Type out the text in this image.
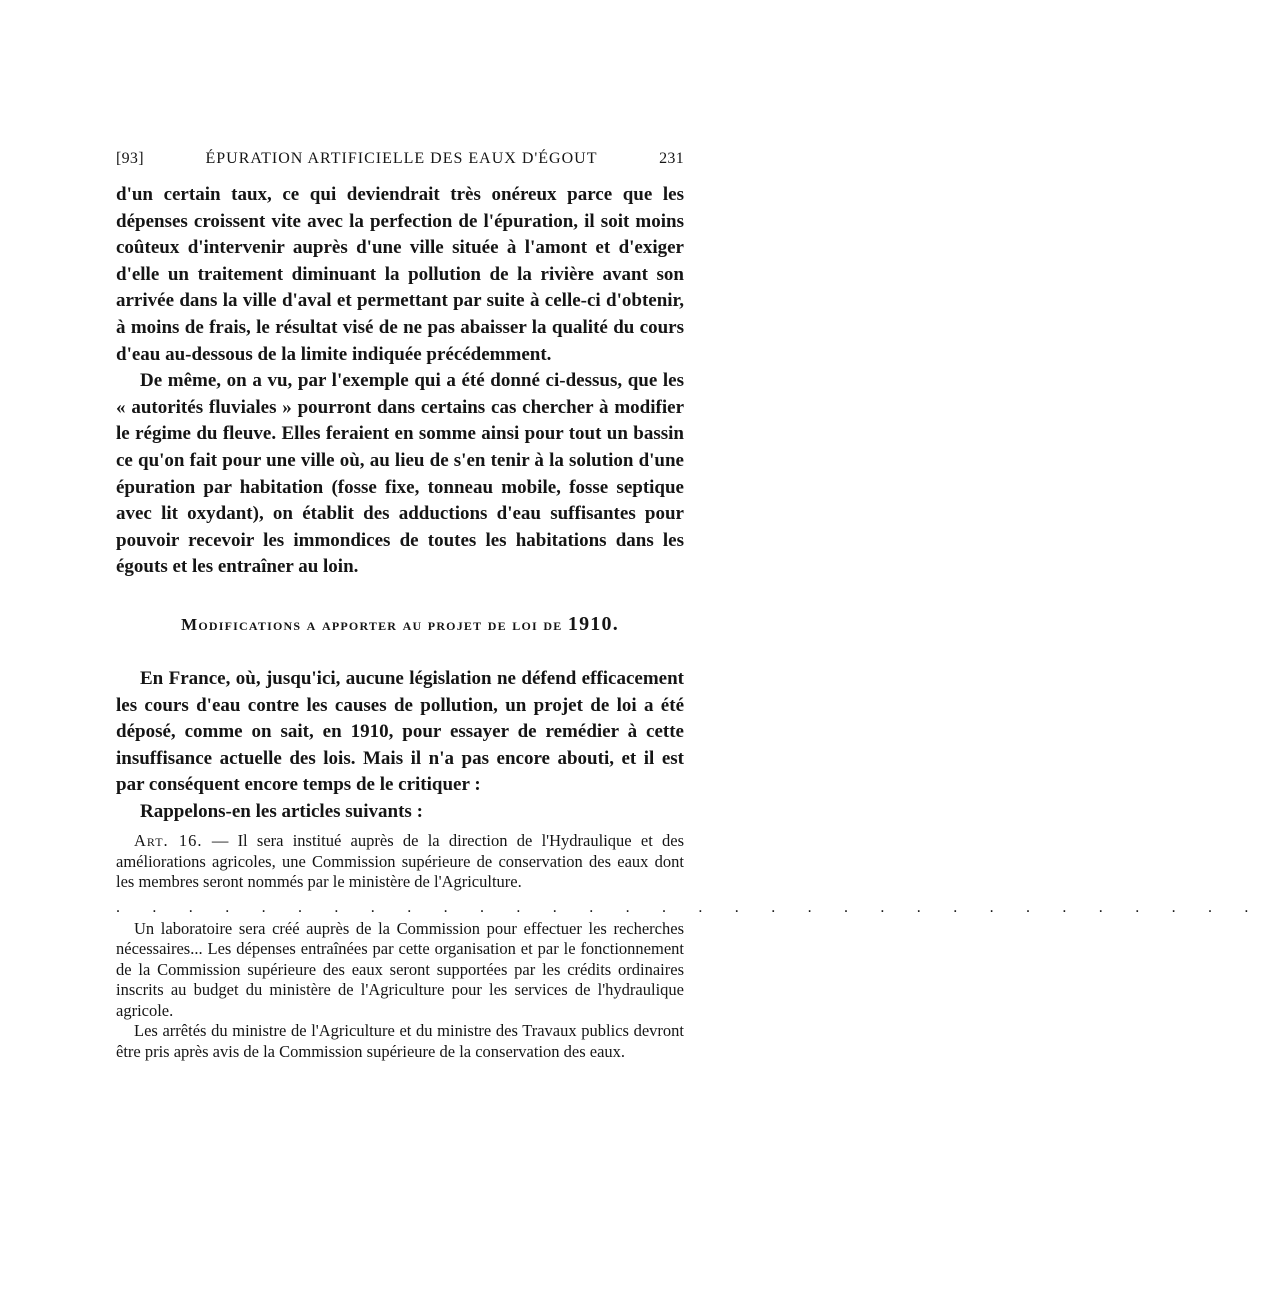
[93]	ÉPURATION ARTIFICIELLE DES EAUX D'ÉGOUT	231

d'un certain taux, ce qui deviendrait très onéreux parce que les dépenses croissent vite avec la perfection de l'épuration, il soit moins coûteux d'intervenir auprès d'une ville située à l'amont et d'exiger d'elle un traitement diminuant la pollution de la rivière avant son arrivée dans la ville d'aval et permettant par suite à celle-ci d'obtenir, à moins de frais, le résultat visé de ne pas abaisser la qualité du cours d'eau au-dessous de la limite indiquée précédemment.

De même, on a vu, par l'exemple qui a été donné ci-dessus, que les « autorités fluviales » pourront dans certains cas chercher à modifier le régime du fleuve. Elles feraient en somme ainsi pour tout un bassin ce qu'on fait pour une ville où, au lieu de s'en tenir à la solution d'une épuration par habitation (fosse fixe, tonneau mobile, fosse septique avec lit oxydant), on établit des adductions d'eau suffisantes pour pouvoir recevoir les immondices de toutes les habitations dans les égouts et les entraîner au loin.

Modifications a apporter au projet de loi de 1910.

En France, où, jusqu'ici, aucune législation ne défend efficacement les cours d'eau contre les causes de pollution, un projet de loi a été déposé, comme on sait, en 1910, pour essayer de remédier à cette insuffisance actuelle des lois. Mais il n'a pas encore abouti, et il est par conséquent encore temps de le critiquer :

Rappelons-en les articles suivants :

Art. 16. — Il sera institué auprès de la direction de l'Hydraulique et des améliorations agricoles, une Commission supérieure de conservation des eaux dont les membres seront nommés par le ministère de l'Agriculture.

. . . . . . . . . . . . . . . . . . . . . . . . . . . . . . . .

Un laboratoire sera créé auprès de la Commission pour effectuer les recherches nécessaires... Les dépenses entraînées par cette organisation et par le fonctionnement de la Commission supérieure des eaux seront supportées par les crédits ordinaires inscrits au budget du ministère de l'Agriculture pour les services de l'hydraulique agricole.

Les arrêtés du ministre de l'Agriculture et du ministre des Travaux publics devront être pris après avis de la Commission supérieure de la conservation des eaux.
